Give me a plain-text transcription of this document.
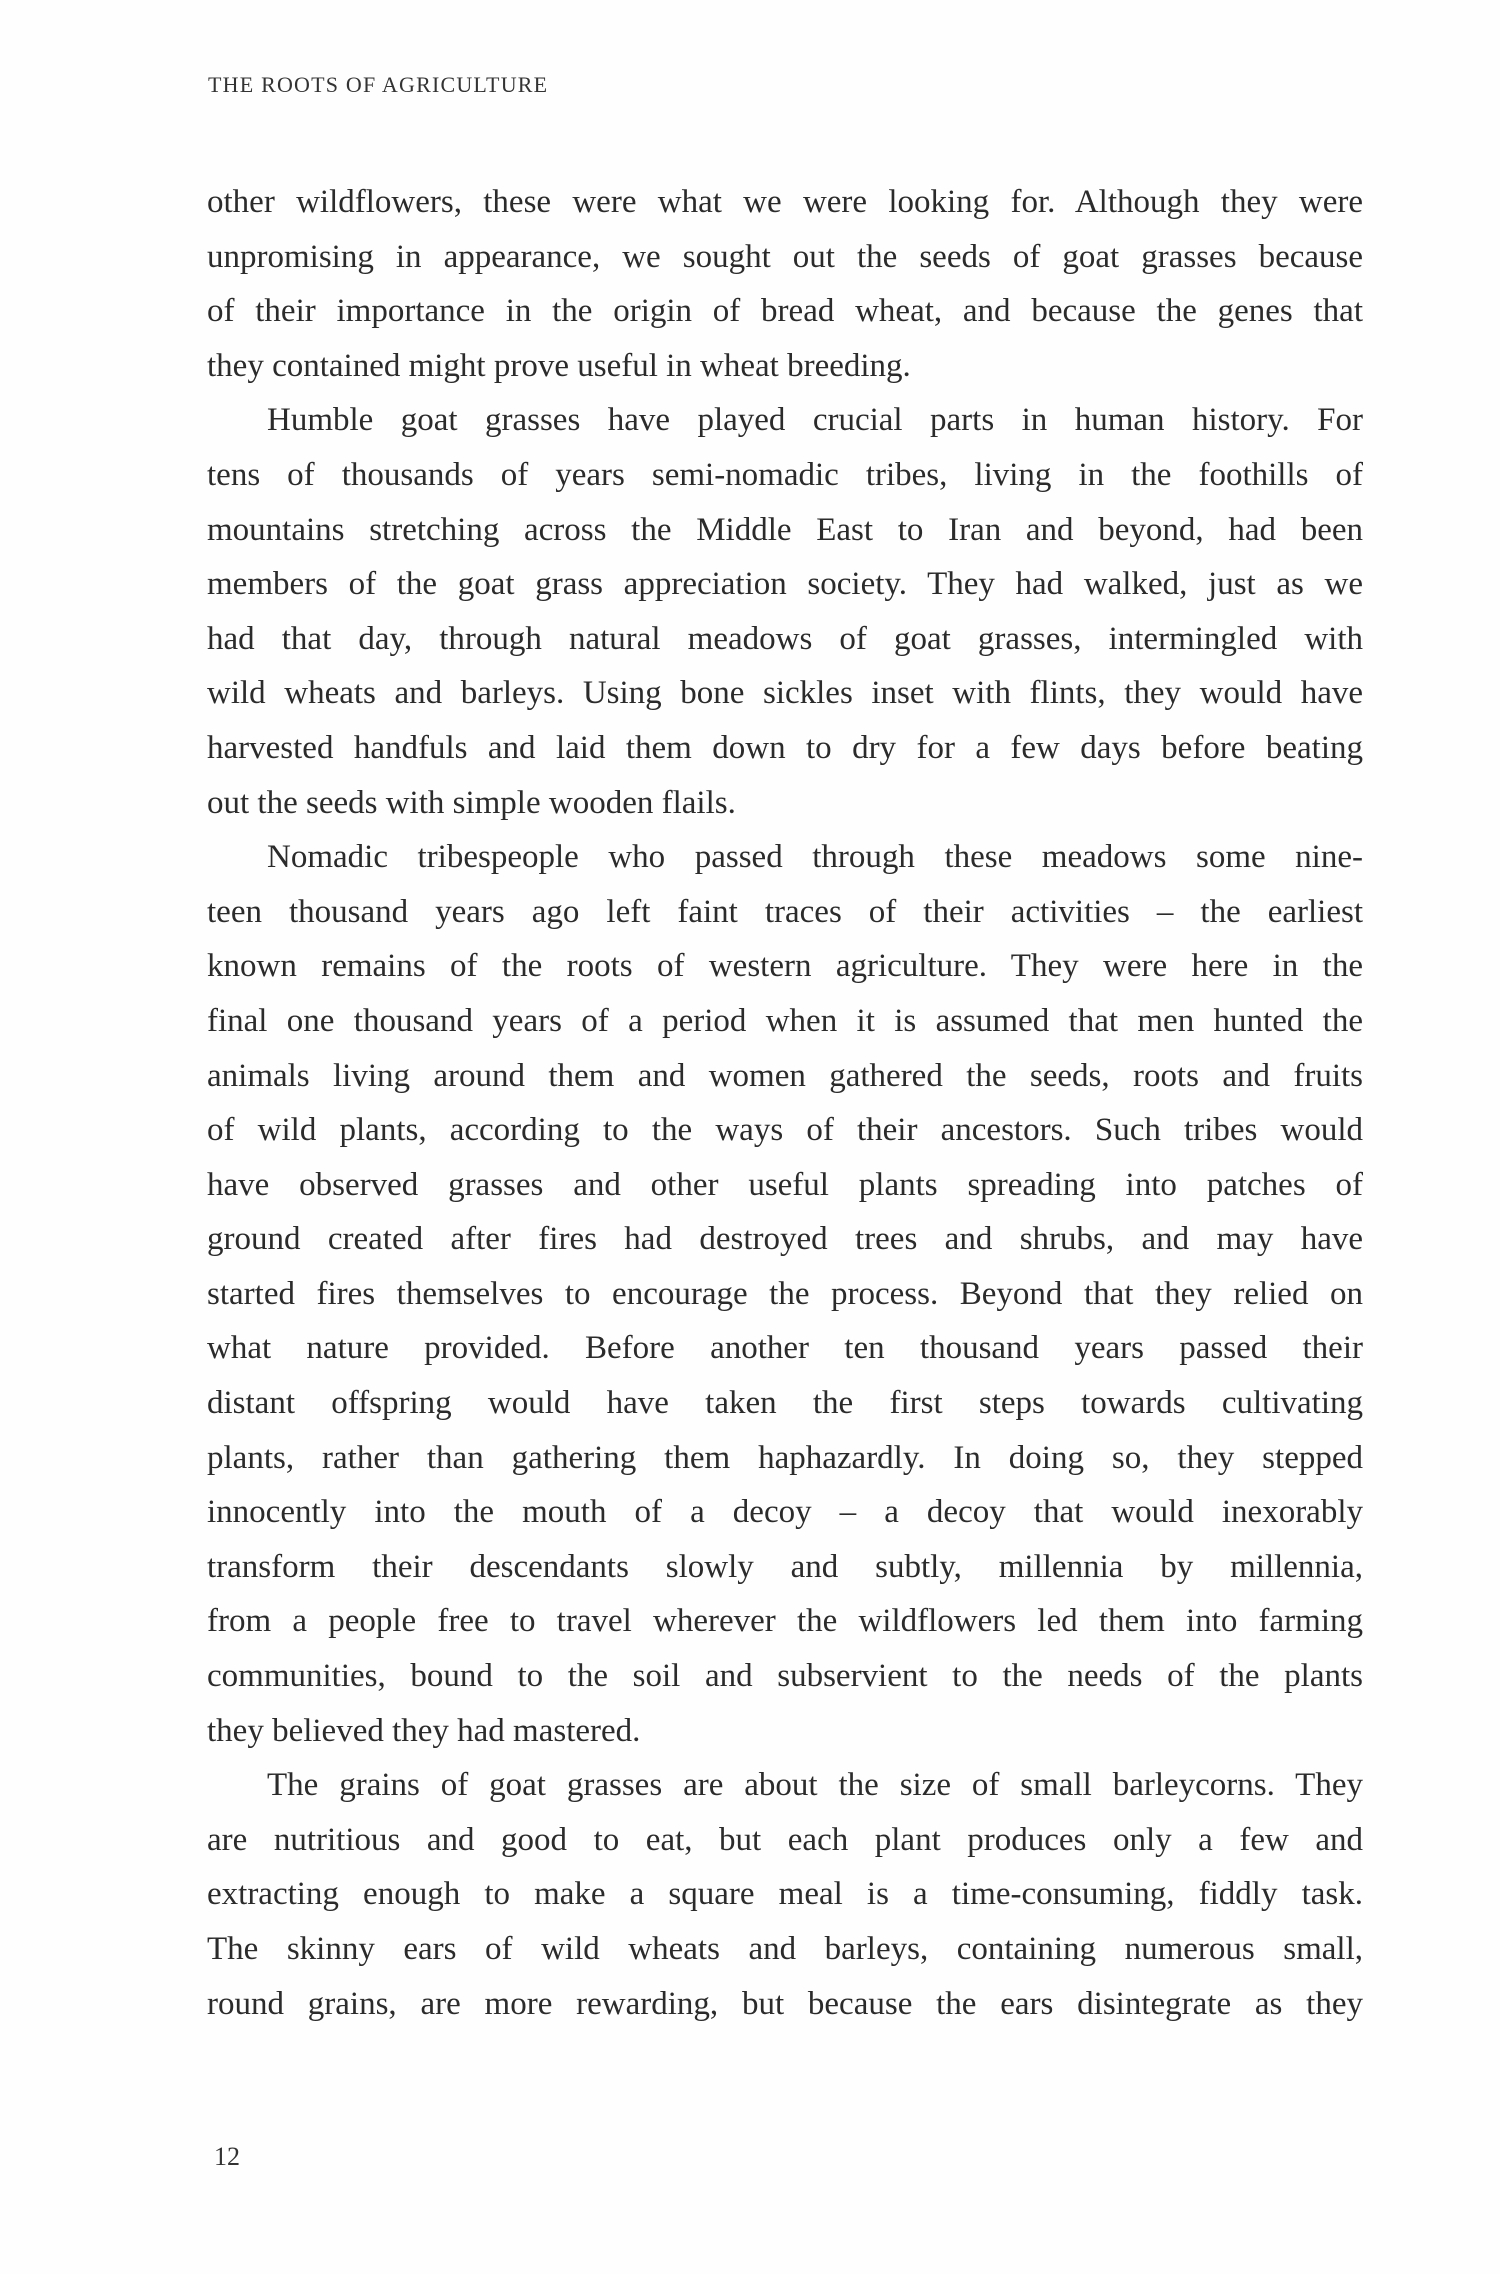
THE ROOTS OF AGRICULTURE
other wildflowers, these were what we were looking for. Although they were
unpromising in appearance, we sought out the seeds of goat grasses because
of their importance in the origin of bread wheat, and because the genes that
they contained might prove useful in wheat breeding.
Humble goat grasses have played crucial parts in human history. For
tens of thousands of years semi-nomadic tribes, living in the foothills of
mountains stretching across the Middle East to Iran and beyond, had been
members of the goat grass appreciation society. They had walked, just as we
had that day, through natural meadows of goat grasses, intermingled with
wild wheats and barleys. Using bone sickles inset with flints, they would have
harvested handfuls and laid them down to dry for a few days before beating
out the seeds with simple wooden flails.
Nomadic tribespeople who passed through these meadows some nine-
teen thousand years ago left faint traces of their activities – the earliest
known remains of the roots of western agriculture. They were here in the
final one thousand years of a period when it is assumed that men hunted the
animals living around them and women gathered the seeds, roots and fruits
of wild plants, according to the ways of their ancestors. Such tribes would
have observed grasses and other useful plants spreading into patches of
ground created after fires had destroyed trees and shrubs, and may have
started fires themselves to encourage the process. Beyond that they relied on
what nature provided. Before another ten thousand years passed their
distant offspring would have taken the first steps towards cultivating
plants, rather than gathering them haphazardly. In doing so, they stepped
innocently into the mouth of a decoy – a decoy that would inexorably
transform their descendants slowly and subtly, millennia by millennia,
from a people free to travel wherever the wildflowers led them into farming
communities, bound to the soil and subservient to the needs of the plants
they believed they had mastered.
The grains of goat grasses are about the size of small barleycorns. They
are nutritious and good to eat, but each plant produces only a few and
extracting enough to make a square meal is a time-consuming, fiddly task.
The skinny ears of wild wheats and barleys, containing numerous small,
round grains, are more rewarding, but because the ears disintegrate as they
12
